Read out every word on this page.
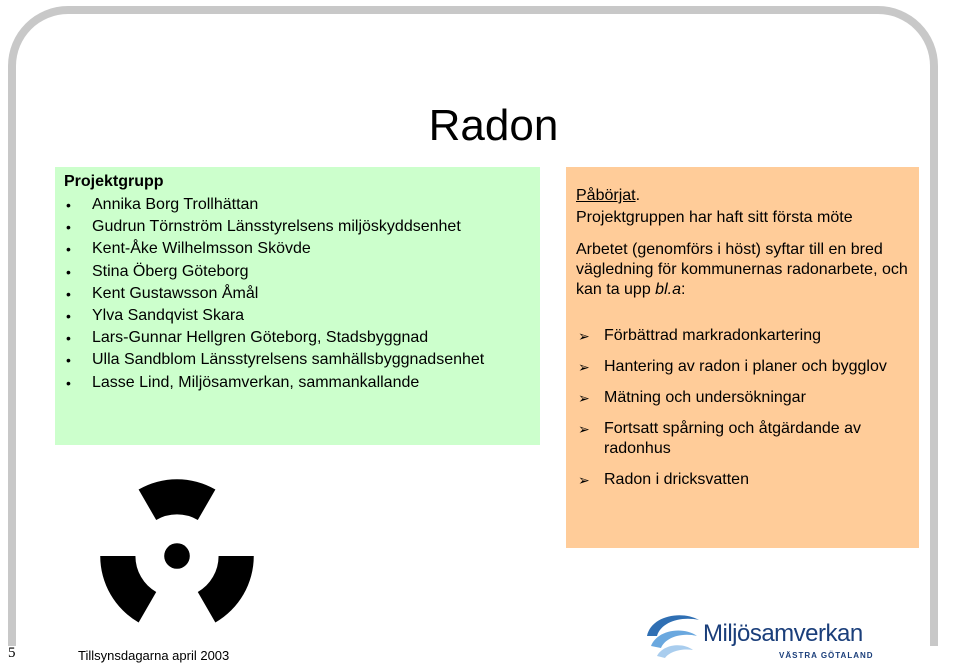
Radon
Projektgrupp
• Annika Borg Trollhättan
• Gudrun Törnström Länsstyrelsens miljöskyddsenhet
• Kent-Åke Wilhelmsson Skövde
• Stina Öberg Göteborg
• Kent Gustawsson Åmål
• Ylva Sandqvist Skara
• Lars-Gunnar Hellgren Göteborg, Stadsbyggnad
• Ulla Sandblom Länsstyrelsens samhällsbyggnadsenhet
• Lasse Lind, Miljösamverkan, sammankallande

Påbörjat.

Projektgruppen har haft sitt första möte

Arbetet (genomförs i höst) syftar till en bred vägledning för kommunernas radonarbete, och kan ta upp bl.a:

➢ Förbättrad markradonkartering
➢ Hantering av radon i planer och bygglov
➢ Mätning och undersökningar
➢ Fortsatt spårning och åtgärdande av radonhus
➢ Radon i dricksvatten
Miljösamverkan
VÄSTRA GÖTALAND
5	Tillsynsdagarna april 2003
